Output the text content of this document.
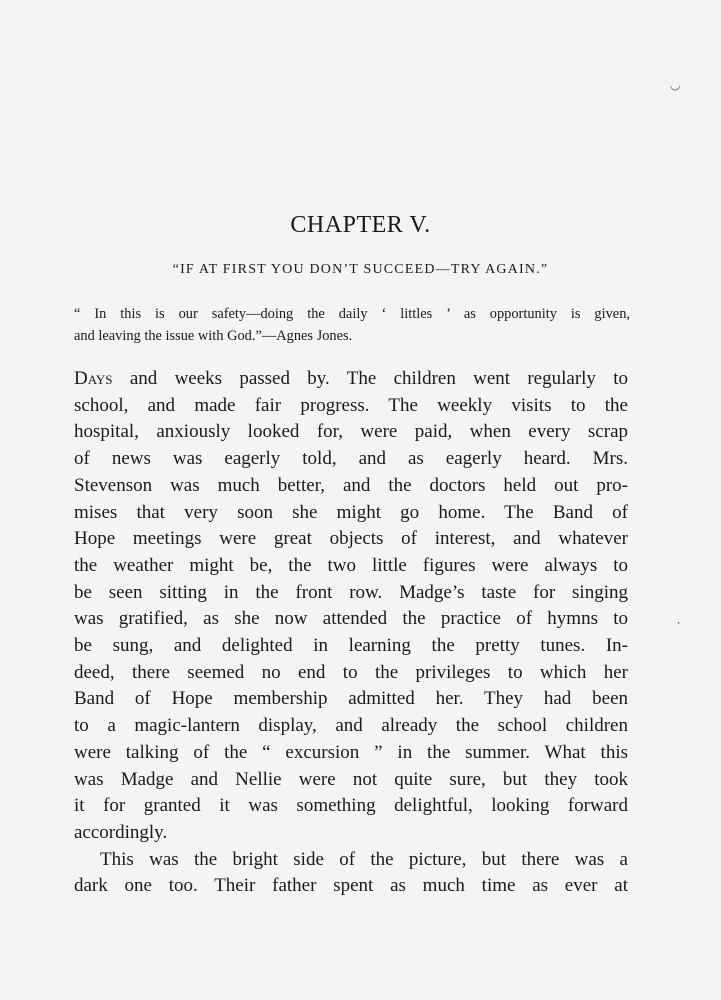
CHAPTER V.

“IF AT FIRST YOU DON’T SUCCEED—TRY AGAIN.”

“ In this is our safety—doing the daily ‘ littles ’ as opportunity is given,
and leaving the issue with God.”—Agnes Jones.

Days and weeks passed by. The children went regularly to
school, and made fair progress. The weekly visits to the
hospital, anxiously looked for, were paid, when every scrap
of news was eagerly told, and as eagerly heard. Mrs.
Stevenson was much better, and the doctors held out pro-
mises that very soon she might go home. The Band of
Hope meetings were great objects of interest, and whatever
the weather might be, the two little figures were always to
be seen sitting in the front row. Madge’s taste for singing
was gratified, as she now attended the practice of hymns to
be sung, and delighted in learning the pretty tunes. In-
deed, there seemed no end to the privileges to which her
Band of Hope membership admitted her. They had been
to a magic-lantern display, and already the school children
were talking of the “ excursion ” in the summer. What this
was Madge and Nellie were not quite sure, but they took
it for granted it was something delightful, looking forward
accordingly.
This was the bright side of the picture, but there was a
dark one too. Their father spent as much time as ever at
◡
⸳
